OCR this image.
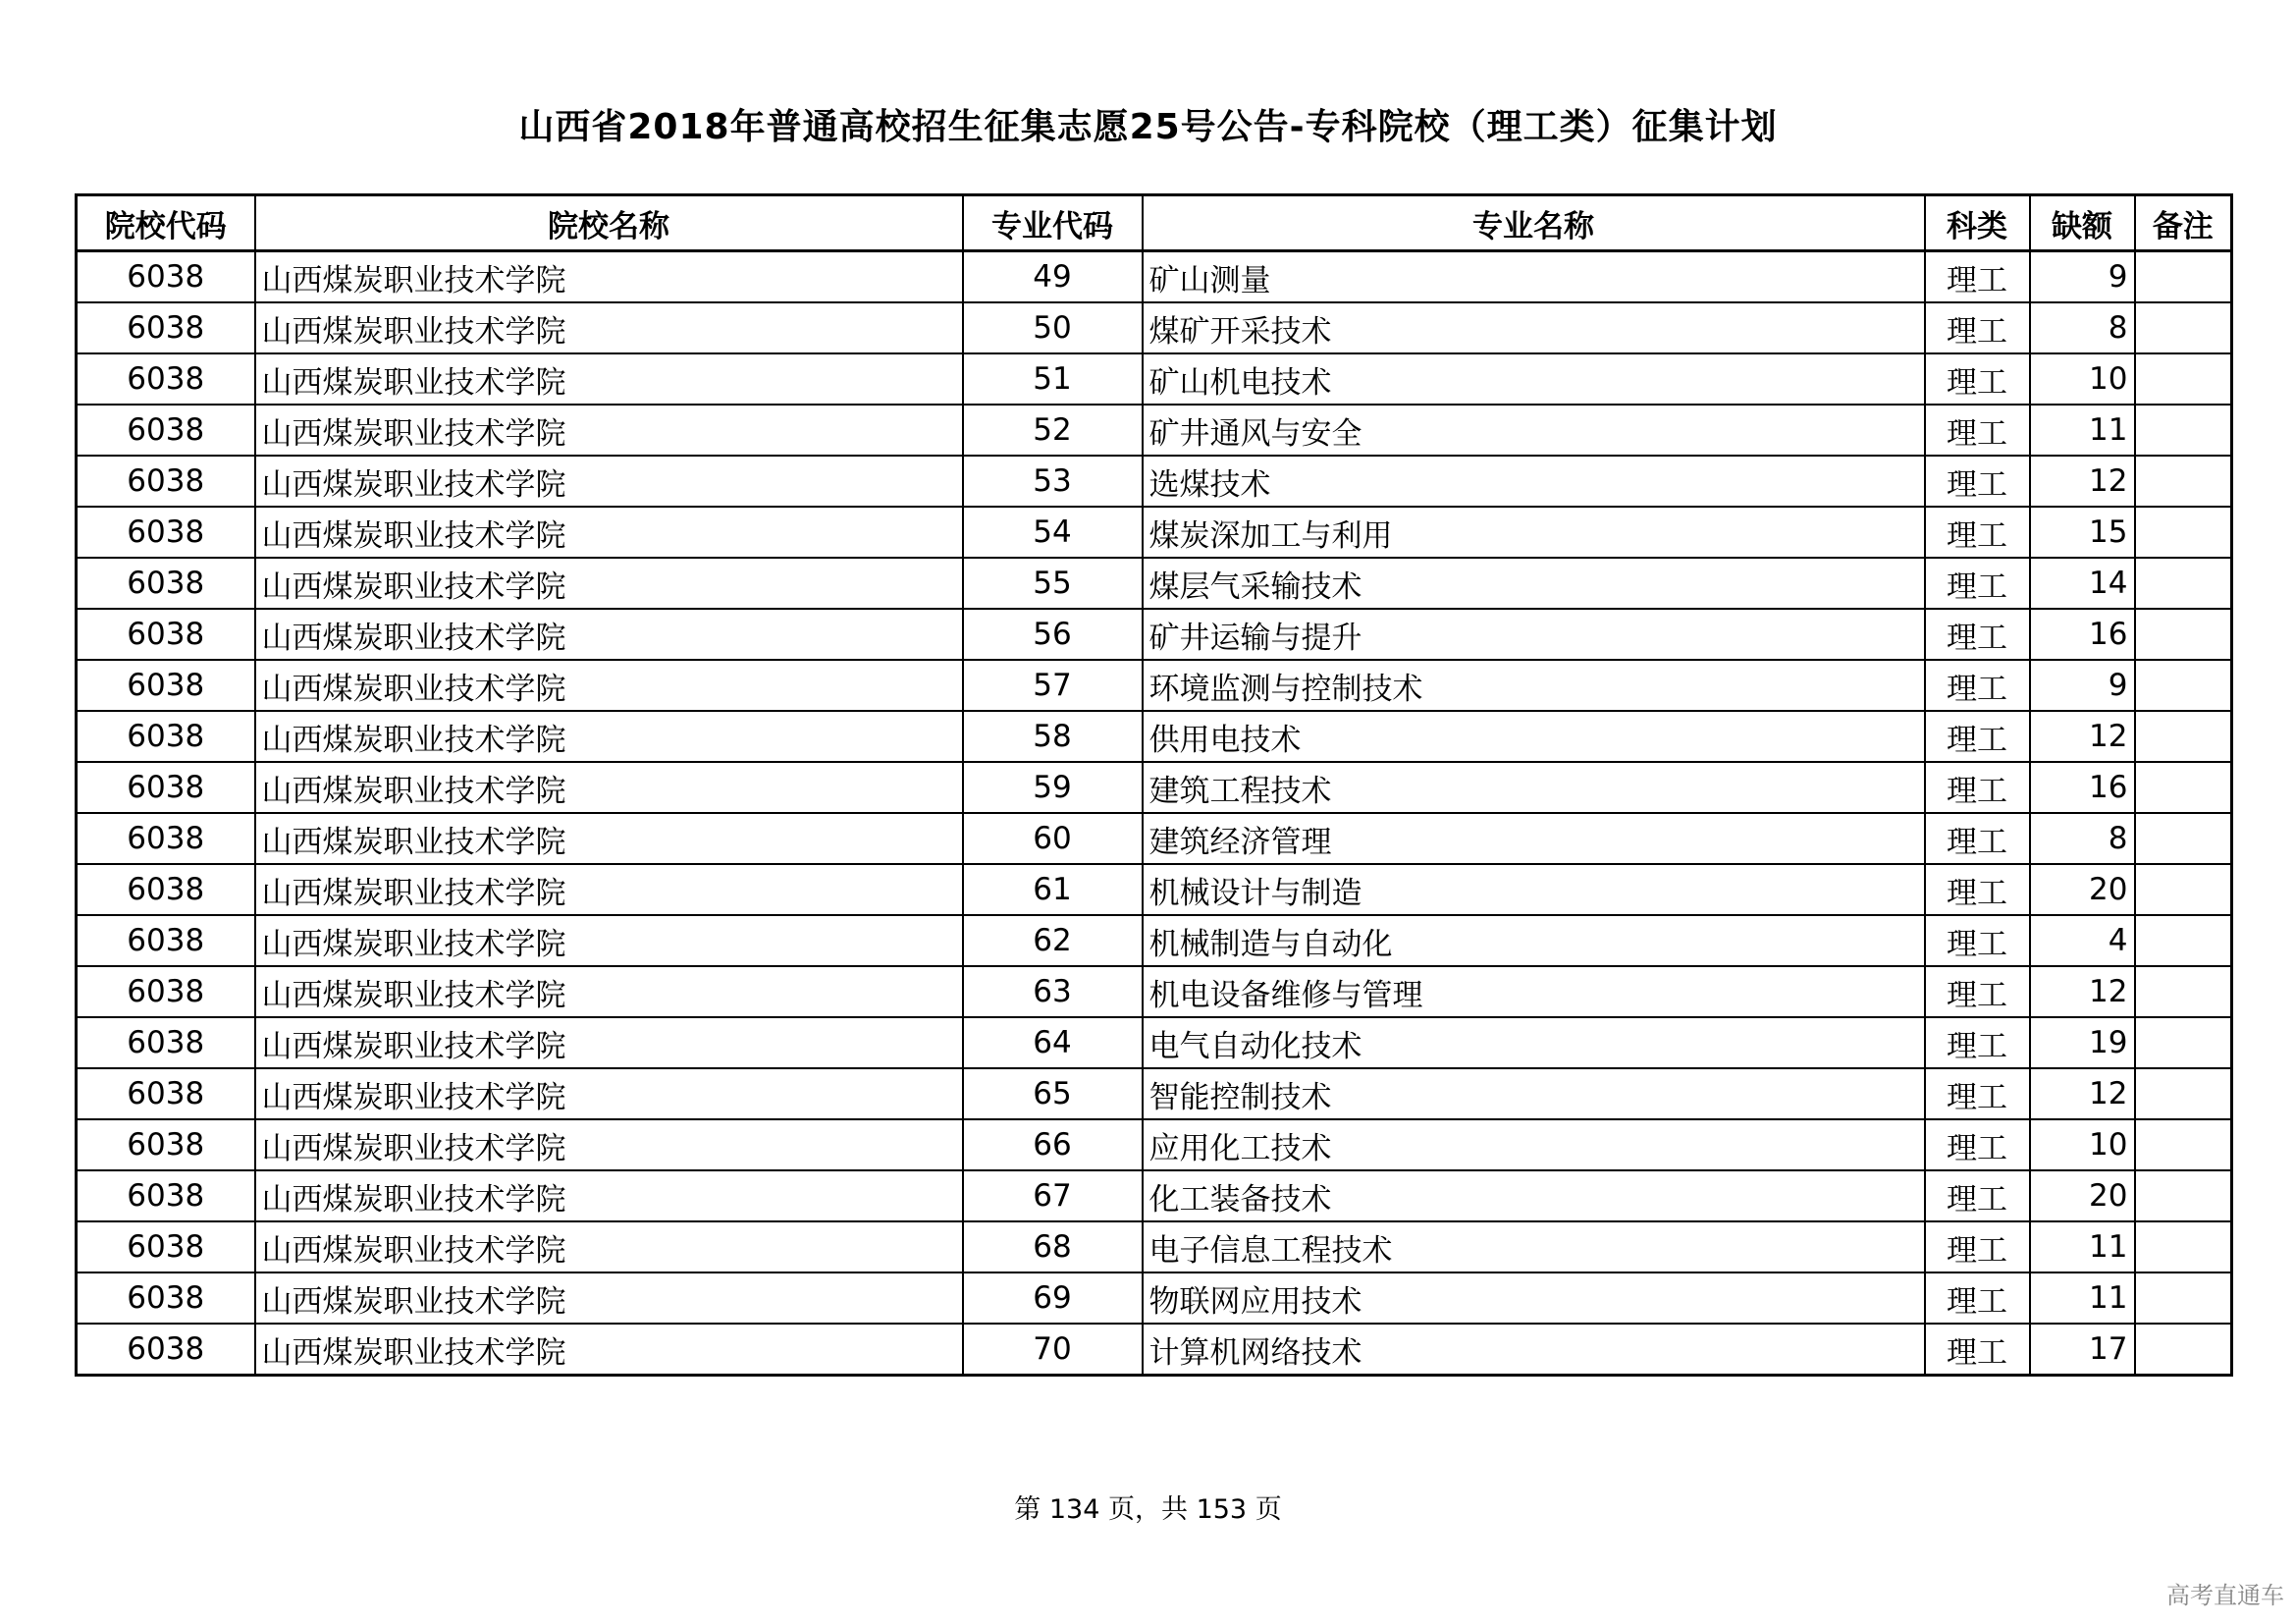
山西省2018年普通高校招生征集志愿25号公告-专科院校（理工类）征集计划
院校代码	院校名称	专业代码	专业名称	科类	缺额	备注
6038	山西煤炭职业技术学院	49	矿山测量	理工	9	
6038	山西煤炭职业技术学院	50	煤矿开采技术	理工	8	
6038	山西煤炭职业技术学院	51	矿山机电技术	理工	10	
6038	山西煤炭职业技术学院	52	矿井通风与安全	理工	11	
6038	山西煤炭职业技术学院	53	选煤技术	理工	12	
6038	山西煤炭职业技术学院	54	煤炭深加工与利用	理工	15	
6038	山西煤炭职业技术学院	55	煤层气采输技术	理工	14	
6038	山西煤炭职业技术学院	56	矿井运输与提升	理工	16	
6038	山西煤炭职业技术学院	57	环境监测与控制技术	理工	9	
6038	山西煤炭职业技术学院	58	供用电技术	理工	12	
6038	山西煤炭职业技术学院	59	建筑工程技术	理工	16	
6038	山西煤炭职业技术学院	60	建筑经济管理	理工	8	
6038	山西煤炭职业技术学院	61	机械设计与制造	理工	20	
6038	山西煤炭职业技术学院	62	机械制造与自动化	理工	4	
6038	山西煤炭职业技术学院	63	机电设备维修与管理	理工	12	
6038	山西煤炭职业技术学院	64	电气自动化技术	理工	19	
6038	山西煤炭职业技术学院	65	智能控制技术	理工	12	
6038	山西煤炭职业技术学院	66	应用化工技术	理工	10	
6038	山西煤炭职业技术学院	67	化工装备技术	理工	20	
6038	山西煤炭职业技术学院	68	电子信息工程技术	理工	11	
6038	山西煤炭职业技术学院	69	物联网应用技术	理工	11	
6038	山西煤炭职业技术学院	70	计算机网络技术	理工	17	
第 134 页，共 153 页
高考直通车
